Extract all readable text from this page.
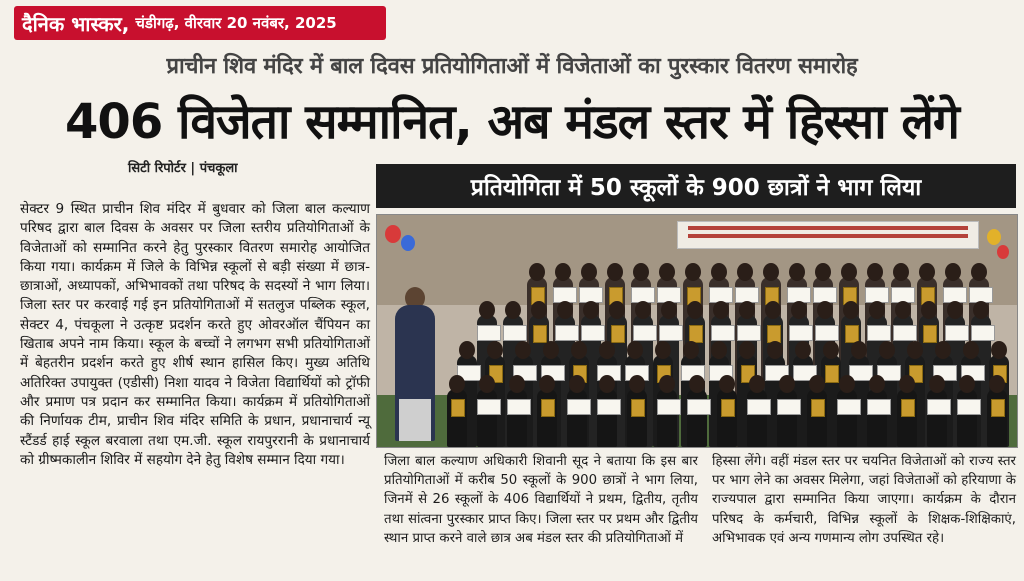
दैनिक भास्कर, चंडीगढ़, वीरवार 20 नवंबर, 2025
प्राचीन शिव मंदिर में बाल दिवस प्रतियोगिताओं में विजेताओं का पुरस्कार वितरण समारोह
406 विजेता सम्मानित, अब मंडल स्तर में हिस्सा लेंगे
सिटी रिपोर्टर | पंचकूला
सेक्टर 9 स्थित प्राचीन शिव मंदिर में बुधवार को जिला बाल कल्याण परिषद द्वारा बाल दिवस के अवसर पर जिला स्तरीय प्रतियोगिताओं के विजेताओं को सम्मानित करने हेतु पुरस्कार वितरण समारोह आयोजित किया गया। कार्यक्रम में जिले के विभिन्न स्कूलों से बड़ी संख्या में छात्र-छात्राओं, अध्यापकों, अभिभावकों तथा परिषद के सदस्यों ने भाग लिया। जिला स्तर पर करवाई गई इन प्रतियोगिताओं में सतलुज पब्लिक स्कूल, सेक्टर 4, पंचकूला ने उत्कृष्ट प्रदर्शन करते हुए ओवरऑल चैंपियन का खिताब अपने नाम किया। स्कूल के बच्चों ने लगभग सभी प्रतियोगिताओं में बेहतरीन प्रदर्शन करते हुए शीर्ष स्थान हासिल किए। मुख्य अतिथि अतिरिक्त उपायुक्त (एडीसी) निशा यादव ने विजेता विद्यार्थियों को ट्रॉफी और प्रमाण पत्र प्रदान कर सम्मानित किया। कार्यक्रम में प्रतियोगिताओं की निर्णायक टीम, प्राचीन शिव मंदिर समिति के प्रधान, प्रधानाचार्य न्यू स्टैंडर्ड हाई स्कूल बरवाला तथा एम.जी. स्कूल रायपुररानी के प्रधानाचार्य को ग्रीष्मकालीन शिविर में सहयोग देने हेतु विशेष सम्मान दिया गया।
प्रतियोगिता में 50 स्कूलों के 900 छात्रों ने भाग लिया
जिला बाल कल्याण अधिकारी शिवानी सूद ने बताया कि इस बार प्रतियोगिताओं में करीब 50 स्कूलों के 900 छात्रों ने भाग लिया, जिनमें से 26 स्कूलों के 406 विद्यार्थियों ने प्रथम, द्वितीय, तृतीय तथा सांत्वना पुरस्कार प्राप्त किए। जिला स्तर पर प्रथम और द्वितीय स्थान प्राप्त करने वाले छात्र अब मंडल स्तर की प्रतियोगिताओं में
हिस्सा लेंगे। वहीं मंडल स्तर पर चयनित विजेताओं को राज्य स्तर पर भाग लेने का अवसर मिलेगा, जहां विजेताओं को हरियाणा के राज्यपाल द्वारा सम्मानित किया जाएगा। कार्यक्रम के दौरान परिषद के कर्मचारी, विभिन्न स्कूलों के शिक्षक-शिक्षिकाएं, अभिभावक एवं अन्य गणमान्य लोग उपस्थित रहे।
